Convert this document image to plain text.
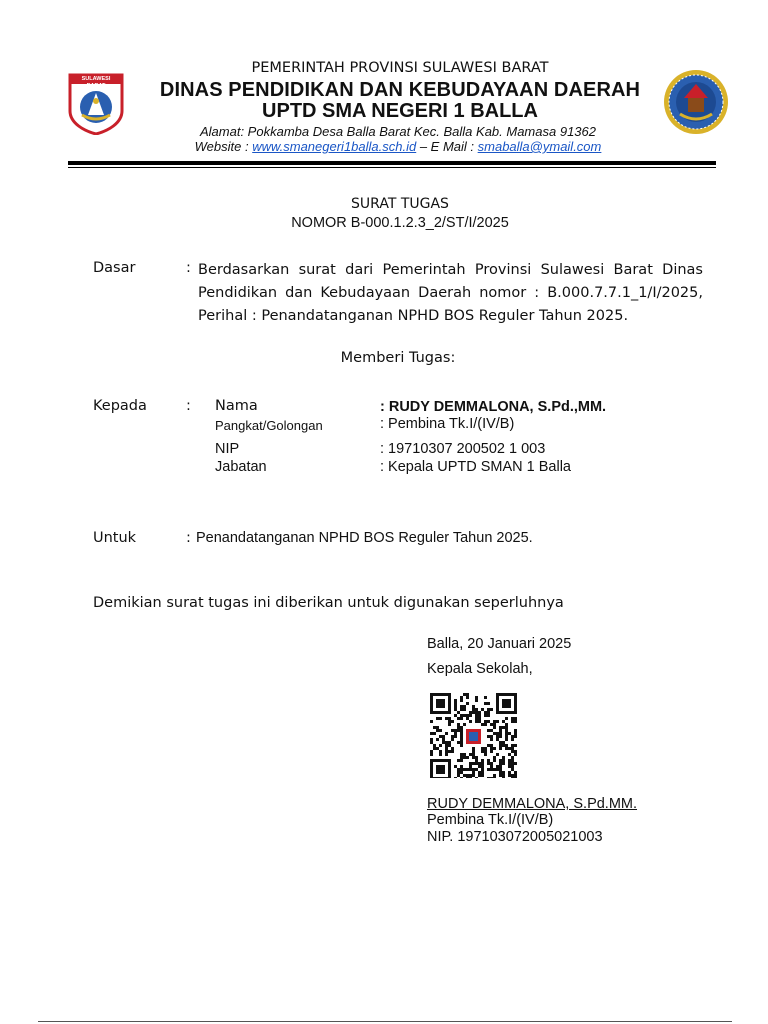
SULAWESI BARAT
PEMERINTAH PROVINSI SULAWESI BARAT
DINAS PENDIDIKAN DAN KEBUDAYAAN DAERAH
UPTD SMA NEGERI 1 BALLA
Alamat: Pokkamba Desa Balla Barat Kec. Balla Kab. Mamasa 91362
Website : www.smanegeri1balla.sch.id – E Mail : smaballa@ymail.com
SURAT TUGAS
NOMOR B-000.1.2.3_2/ST/I/2025
Dasar	: Berdasarkan surat dari Pemerintah Provinsi Sulawesi Barat Dinas Pendidikan dan Kebudayaan Daerah nomor : B.000.7.7.1_1/I/2025, Perihal : Penandatanganan NPHD BOS Reguler Tahun 2025.
Memberi Tugas:
Kepada	: Nama	: RUDY DEMMALONA, S.Pd.,MM.
Pangkat/Golongan	: Pembina Tk.I/(IV/B)
NIP	: 19710307 200502 1 003
Jabatan	: Kepala UPTD SMAN 1 Balla
Untuk	: Penandatanganan NPHD BOS Reguler Tahun 2025.
Demikian surat tugas ini diberikan untuk digunakan seperluhnya
Balla, 20 Januari 2025
Kepala Sekolah,
RUDY DEMMALONA, S.Pd.MM.
Pembina Tk.I/(IV/B)
NIP. 197103072005021003
